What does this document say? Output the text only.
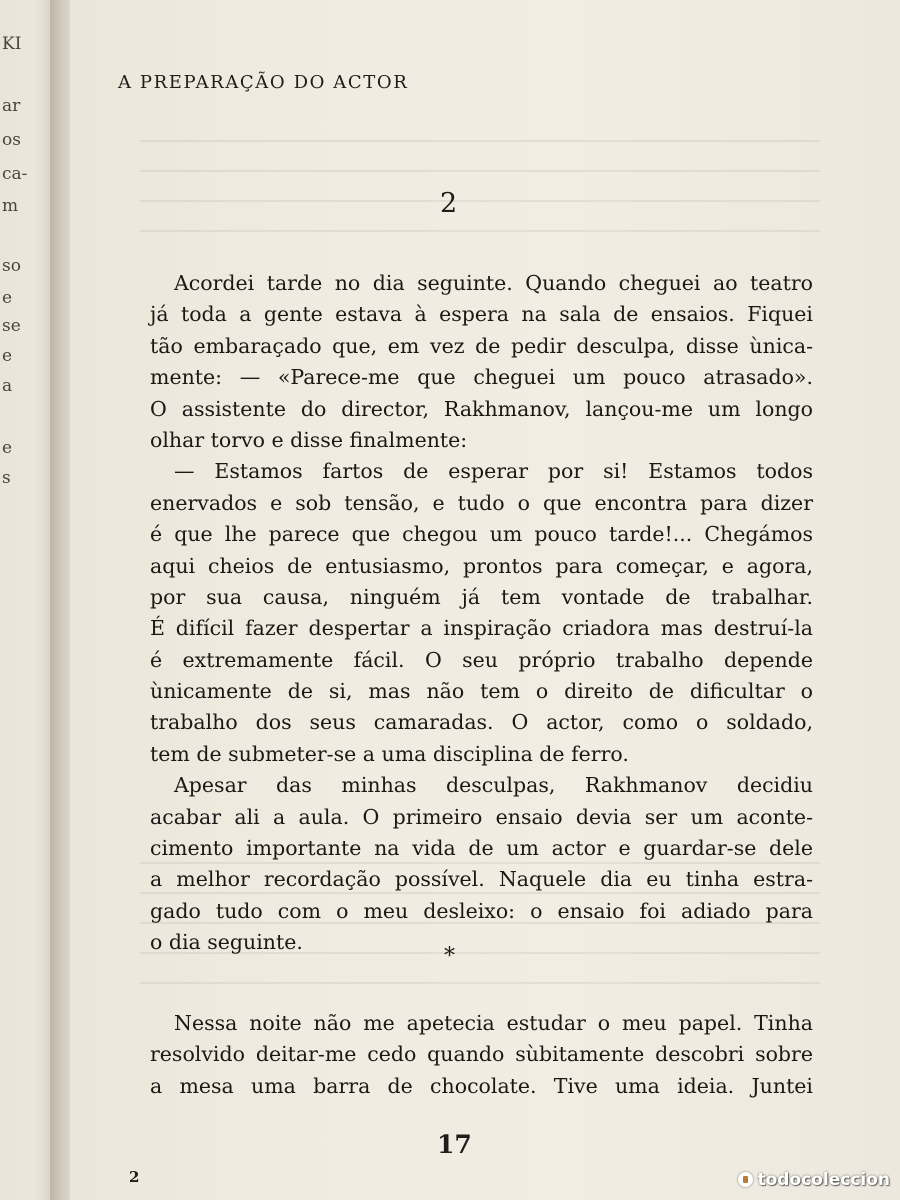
KI
ar
os
ca-
m
so
e
se
e
a
e
s
A PREPARAÇÃO DO ACTOR
2
Acordei tarde no dia seguinte. Quando cheguei ao teatro
já toda a gente estava à espera na sala de ensaios. Fiquei
tão embaraçado que, em vez de pedir desculpa, disse ùnica-
mente: — «Parece-me que cheguei um pouco atrasado».
O assistente do director, Rakhmanov, lançou-me um longo
olhar torvo e disse finalmente:
— Estamos fartos de esperar por si! Estamos todos
enervados e sob tensão, e tudo o que encontra para dizer
é que lhe parece que chegou um pouco tarde!... Chegámos
aqui cheios de entusiasmo, prontos para começar, e agora,
por sua causa, ninguém já tem vontade de trabalhar.
É difícil fazer despertar a inspiração criadora mas destruí-la
é extremamente fácil. O seu próprio trabalho depende
ùnicamente de si, mas não tem o direito de dificultar o
trabalho dos seus camaradas. O actor, como o soldado,
tem de submeter-se a uma disciplina de ferro.
Apesar das minhas desculpas, Rakhmanov decidiu
acabar ali a aula. O primeiro ensaio devia ser um aconte-
cimento importante na vida de um actor e guardar-se dele
a melhor recordação possível. Naquele dia eu tinha estra-
gado tudo com o meu desleixo: o ensaio foi adiado para
o dia seguinte.
*
Nessa noite não me apetecia estudar o meu papel. Tinha
resolvido deitar-me cedo quando sùbitamente descobri sobre
a mesa uma barra de chocolate. Tive uma ideia. Juntei
17
2	todocoleccion
